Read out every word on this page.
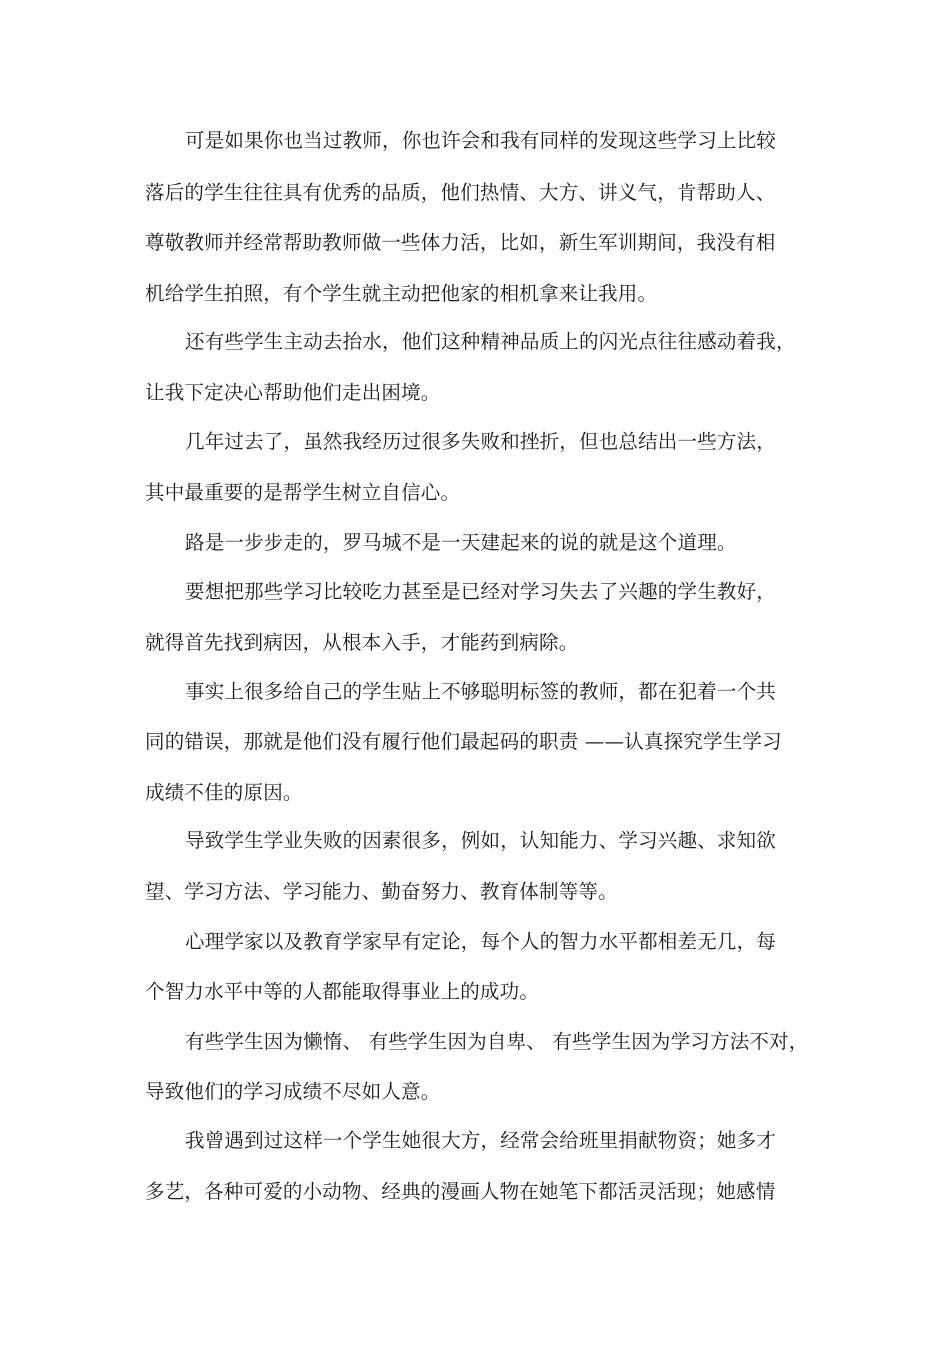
可是如果你也当过教师，你也许会和我有同样的发现这些学习上比较
落后的学生往往具有优秀的品质，他们热情、大方、讲义气，肯帮助人、
尊敬教师并经常帮助教师做一些体力活，比如，新生军训期间，我没有相
机给学生拍照，有个学生就主动把他家的相机拿来让我用。
还有些学生主动去抬水，他们这种精神品质上的闪光点往往感动着我，
让我下定决心帮助他们走出困境。
几年过去了，虽然我经历过很多失败和挫折，但也总结出一些方法，
其中最重要的是帮学生树立自信心。
路是一步步走的，罗马城不是一天建起来的说的就是这个道理。
要想把那些学习比较吃力甚至是已经对学习失去了兴趣的学生教好，
就得首先找到病因，从根本入手，才能药到病除。
事实上很多给自己的学生贴上不够聪明标签的教师，都在犯着一个共
同的错误，那就是他们没有履行他们最起码的职责 ——认真探究学生学习
成绩不佳的原因。
导致学生学业失败的因素很多，例如，认知能力、学习兴趣、求知欲
望、学习方法、学习能力、勤奋努力、教育体制等等。
心理学家以及教育学家早有定论，每个人的智力水平都相差无几，每
个智力水平中等的人都能取得事业上的成功。
有些学生因为懒惰、 有些学生因为自卑、 有些学生因为学习方法不对，
导致他们的学习成绩不尽如人意。
我曾遇到过这样一个学生她很大方，经常会给班里捐献物资；她多才
多艺，各种可爱的小动物、经典的漫画人物在她笔下都活灵活现；她感情
